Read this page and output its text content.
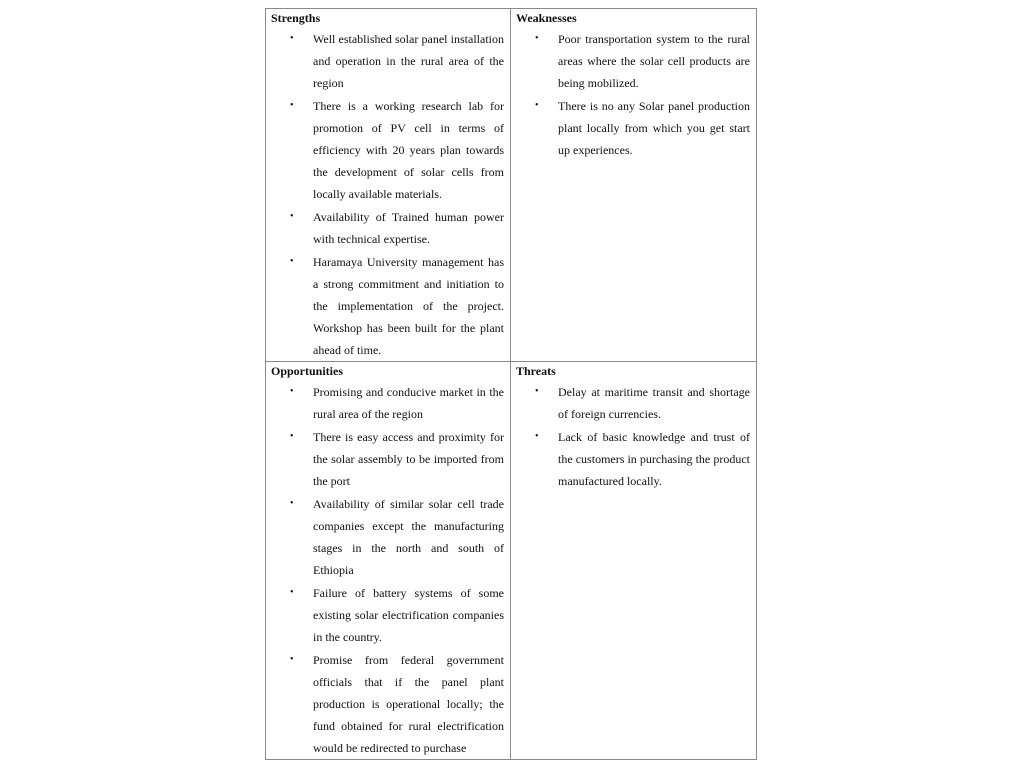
Strengths
• Well established solar panel installation and operation in the rural area of the region
• There is a working research lab for promotion of PV cell in terms of efficiency with 20 years plan towards the development of solar cells from locally available materials.
• Availability of Trained human power with technical expertise.
• Haramaya University management has a strong commitment and initiation to the implementation of the project. Workshop has been built for the plant ahead of time.
Weaknesses
• Poor transportation system to the rural areas where the solar cell products are being mobilized.
• There is no any Solar panel production plant locally from which you get start up experiences.
Opportunities
• Promising and conducive market in the rural area of the region
• There is easy access and proximity for the solar assembly to be imported from the port
• Availability of similar solar cell trade companies except the manufacturing stages in the north and south of Ethiopia
• Failure of battery systems of some existing solar electrification companies in the country.
• Promise from federal government officials that if the panel plant production is operational locally; the fund obtained for rural electrification would be redirected to purchase
Threats
• Delay at maritime transit and shortage of foreign currencies.
• Lack of basic knowledge and trust of the customers in purchasing the product manufactured locally.
